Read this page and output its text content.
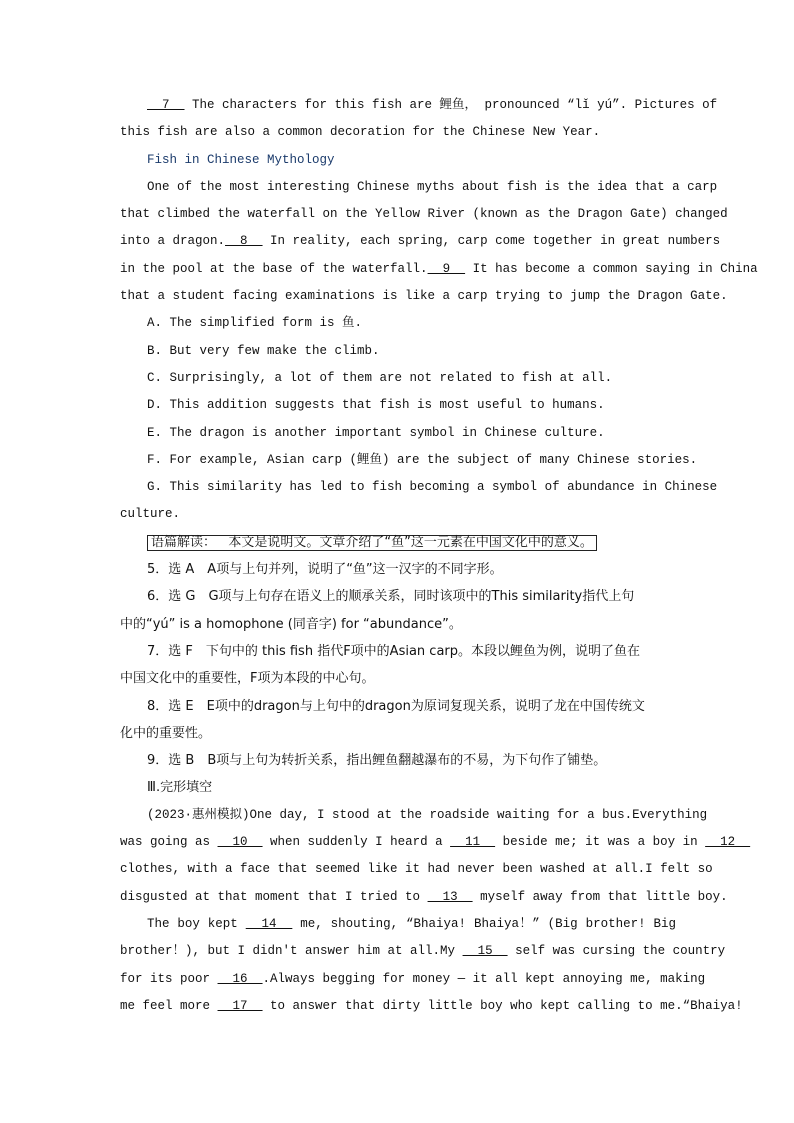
7   The characters for this fish are 鲤鱼， pronounced “lǐ yú”. Pictures of
this fish are also a common decoration for the Chinese New Year.
Fish in Chinese Mythology
One of the most interesting Chinese myths about fish is the idea that a carp
that climbed the waterfall on the Yellow River (known as the Dragon Gate) changed
into a dragon.  8   In reality, each spring, carp come together in great numbers
in the pool at the base of the waterfall.  9   It has become a common saying in China
that a student facing examinations is like a carp trying to jump the Dragon Gate.
A. The simplified form is 鱼.
B. But very few make the climb.
C. Surprisingly, a lot of them are not related to fish at all.
D. This addition suggests that fish is most useful to humans.
E. The dragon is another important symbol in Chinese culture.
F. For example, Asian carp (鲤鱼) are the subject of many Chinese stories.
G. This similarity has led to fish becoming a symbol of abundance in Chinese
culture.
语篇解读： 本文是说明文。文章介绍了“鱼”这一元素在中国文化中的意义。
5．选 A　A项与上句并列，说明了“鱼”这一汉字的不同字形。
6．选 G　G项与上句存在语义上的顺承关系，同时该项中的This similarity指代上句
中的“yú” is a homophone (同音字) for “abundance”。
7．选 F　下句中的 this fish 指代F项中的Asian carp。本段以鲤鱼为例，说明了鱼在
中国文化中的重要性，F项为本段的中心句。
8．选 E　E项中的dragon与上句中的dragon为原词复现关系，说明了龙在中国传统文
化中的重要性。
9．选 B　B项与上句为转折关系，指出鲤鱼翻越瀑布的不易，为下句作了铺垫。
Ⅲ.完形填空
(2023·惠州模拟)One day, I stood at the roadside waiting for a bus.Everything
was going as   10   when suddenly I heard a   11   beside me; it was a boy in   12
clothes, with a face that seemed like it had never been washed at all.I felt so
disgusted at that moment that I tried to   13   myself away from that little boy.
The boy kept   14   me, shouting, “Bhaiya! Bhaiya！” (Big brother! Big
brother！), but I didn't answer him at all.My   15   self was cursing the country
for its poor   16  .Always begging for money — it all kept annoying me, making
me feel more   17   to answer that dirty little boy who kept calling to me.“Bhaiya!
